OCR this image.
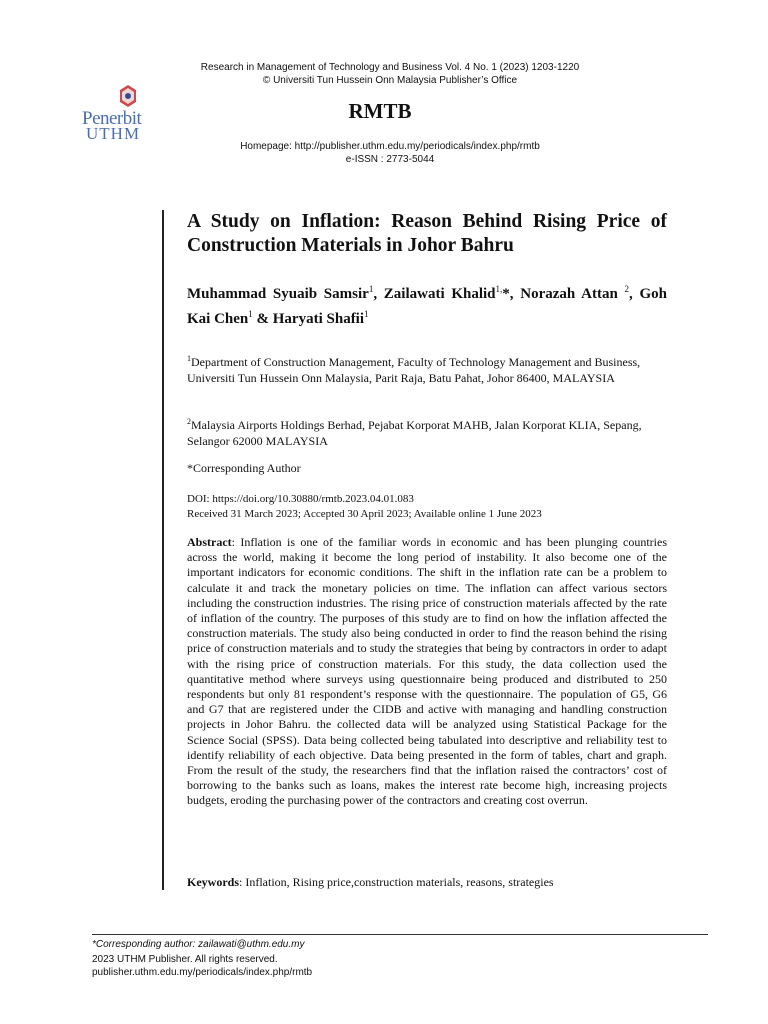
Research in Management of Technology and Business Vol. 4 No. 1 (2023) 1203-1220
© Universiti Tun Hussein Onn Malaysia Publisher’s Office
Penerbit
UTHM
RMTB
Homepage: http://publisher.uthm.edu.my/periodicals/index.php/rmtb
e-ISSN : 2773-5044
A Study on Inflation: Reason Behind Rising Price of Construction Materials in Johor Bahru
Muhammad Syuaib Samsir$^1$, Zailawati Khalid$^{1,}$*, Norazah Attan $^2$, Goh Kai Chen$^1$ & Haryati Shafii$^1$
$^1$Department of Construction Management, Faculty of Technology Management and Business, Universiti Tun Hussein Onn Malaysia, Parit Raja, Batu Pahat, Johor 86400, MALAYSIA
$^2$Malaysia Airports Holdings Berhad, Pejabat Korporat MAHB, Jalan Korporat KLIA, Sepang, Selangor 62000 MALAYSIA
*Corresponding Author
DOI: https://doi.org/10.30880/rmtb.2023.04.01.083
Received 31 March 2023; Accepted 30 April 2023; Available online 1 June 2023
Abstract: Inflation is one of the familiar words in economic and has been plunging countries across the world, making it become the long period of instability. It also become one of the important indicators for economic conditions. The shift in the inflation rate can be a problem to calculate it and track the monetary policies on time. The inflation can affect various sectors including the construction industries. The rising price of construction materials affected by the rate of inflation of the country. The purposes of this study are to find on how the inflation affected the construction materials. The study also being conducted in order to find the reason behind the rising price of construction materials and to study the strategies that being by contractors in order to adapt with the rising price of construction materials. For this study, the data collection used the quantitative method where surveys using questionnaire being produced and distributed to 250 respondents but only 81 respondent’s response with the questionnaire. The population of G5, G6 and G7 that are registered under the CIDB and active with managing and handling construction projects in Johor Bahru. the collected data will be analyzed using Statistical Package for the Science Social (SPSS). Data being collected being tabulated into descriptive and reliability test to identify reliability of each objective. Data being presented in the form of tables, chart and graph. From the result of the study, the researchers find that the inflation raised the contractors’ cost of borrowing to the banks such as loans, makes the interest rate become high, increasing projects budgets, eroding the purchasing power of the contractors and creating cost overrun.
Keywords: Inflation, Rising price,construction materials, reasons, strategies
*Corresponding author: zailawati@uthm.edu.my
2023 UTHM Publisher. All rights reserved.
publisher.uthm.edu.my/periodicals/index.php/rmtb
